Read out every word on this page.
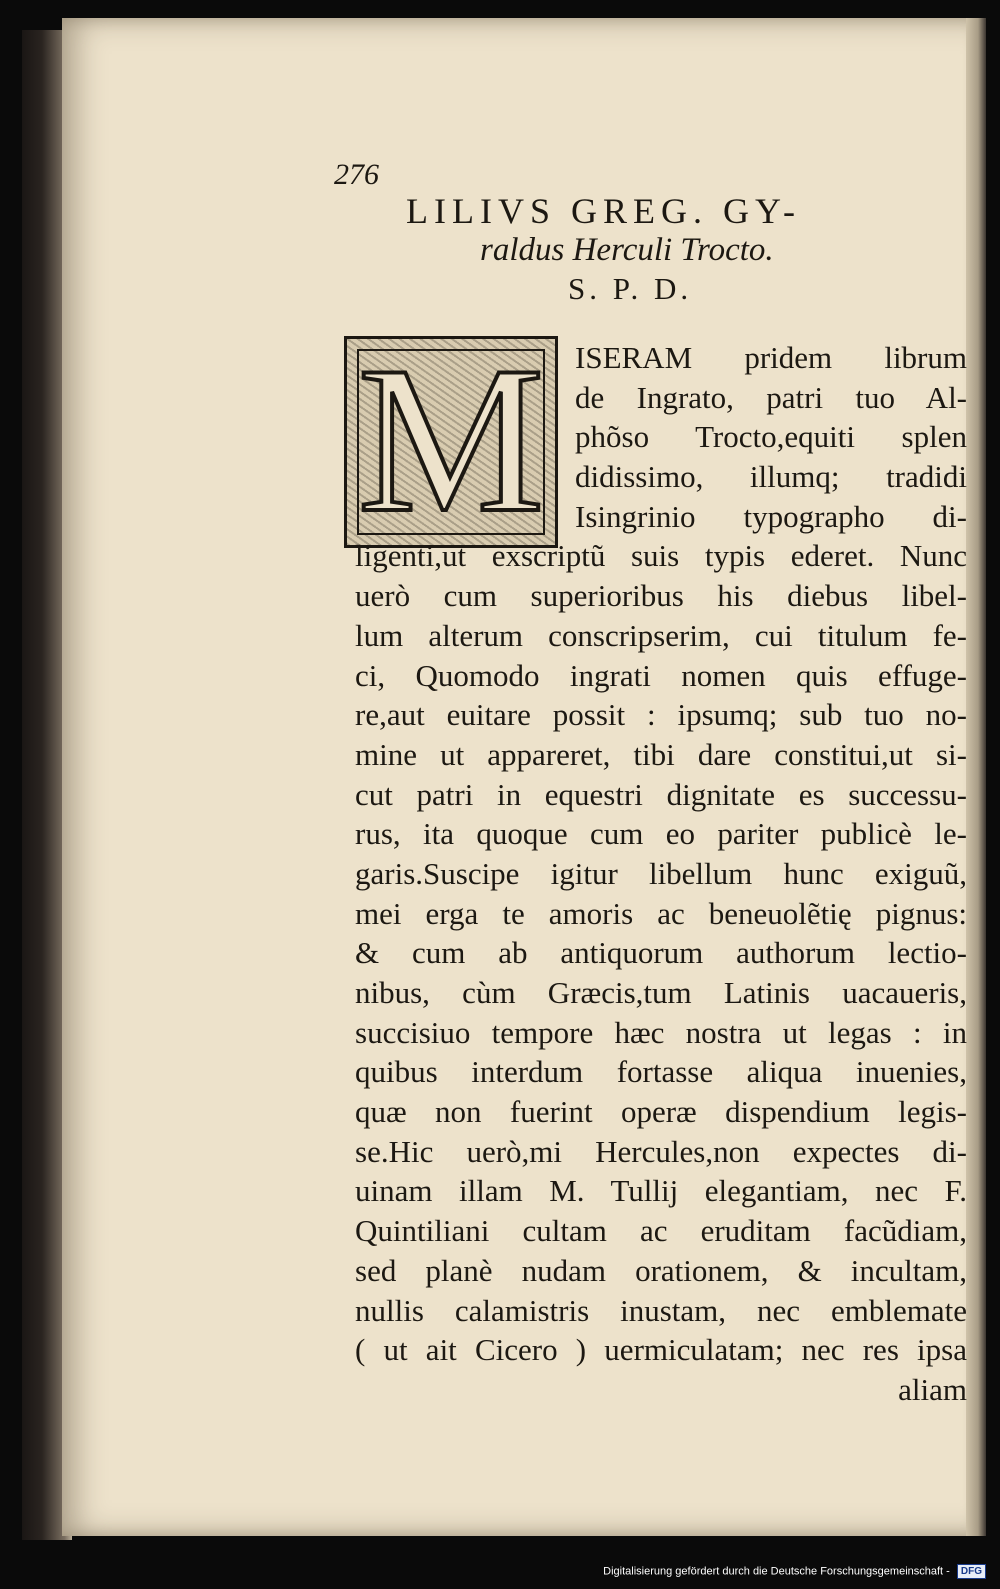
276
LILIVS GREG. GY-
raldus Herculi Trocto.
S. P. D.
M ISERAM pridem librum
de Ingrato, patri tuo Al-
phõso Trocto,equiti splen
didissimo, illumq; tradidi
Isingrinio typographo di-
ligenti,ut exscriptũ suis typis ederet. Nunc
uerò cum superioribus his diebus libel-
lum alterum conscripserim, cui titulum fe-
ci, Quomodo ingrati nomen quis effuge-
re,aut euitare possit : ipsumq; sub tuo no-
mine ut appareret, tibi dare constitui,ut si-
cut patri in equestri dignitate es successu-
rus, ita quoque cum eo pariter publicè le-
garis.Suscipe igitur libellum hunc exiguũ,
mei erga te amoris ac beneuolẽtię pignus:
& cum ab antiquorum authorum lectio-
nibus, cùm Græcis,tum Latinis uacaueris,
succisiuo tempore hæc nostra ut legas : in
quibus interdum fortasse aliqua inuenies,
quæ non fuerint operæ dispendium legis-
se.Hic uerò,mi Hercules,non expectes di-
uinam illam M. Tullij elegantiam, nec F.
Quintiliani cultam ac eruditam facũdiam,
sed planè nudam orationem, & incultam,
nullis calamistris inustam, nec emblemate
( ut ait Cicero ) uermiculatam; nec res ipsa
aliam
Digitalisierung gefördert durch die Deutsche Forschungsgemeinschaft - DFG
